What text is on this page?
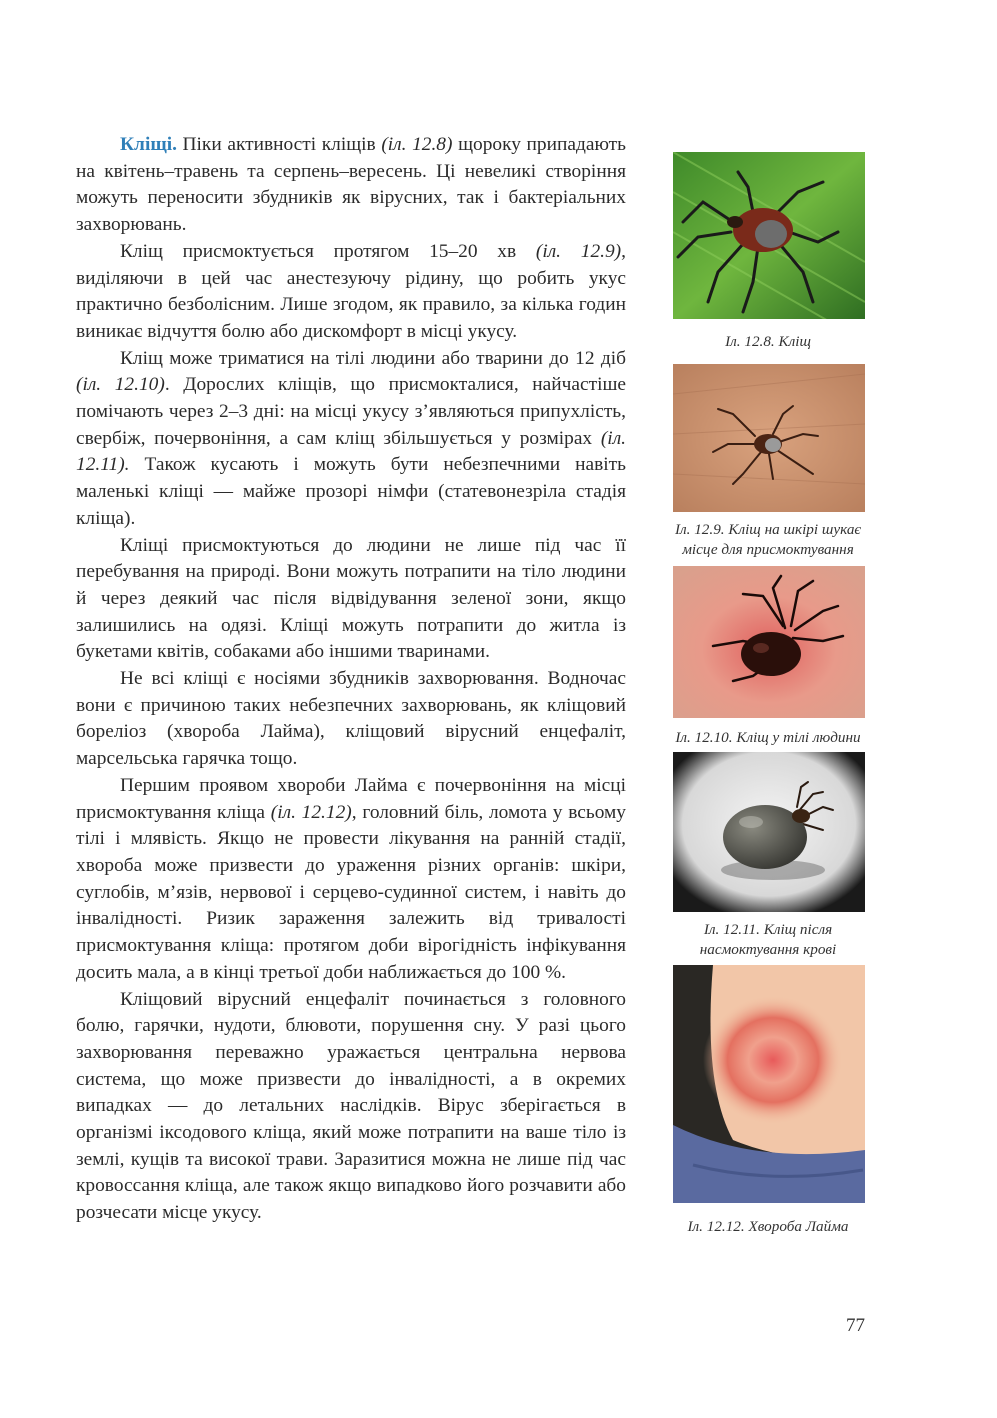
Кліщі. Піки активності кліщів (іл. 12.8) щороку припадають на квітень–травень та серпень–вересень. Ці невеликі створіння можуть переносити збудників як вірусних, так і бактеріальних захворювань.

Кліщ присмоктується протягом 15–20 хв (іл. 12.9), виділяючи в цей час анестезуючу рідину, що робить укус практично безболісним. Лише згодом, як правило, за кілька годин виникає відчуття болю або дискомфорт в місці укусу.

Кліщ може триматися на тілі людини або тварини до 12 діб (іл. 12.10). Дорослих кліщів, що присмокталися, найчастіше помічають через 2–3 дні: на місці укусу з’являються припухлість, свербіж, почервоніння, а сам кліщ збільшується у розмірах (іл. 12.11). Також кусають і можуть бути небезпечними навіть маленькі кліщі — майже прозорі німфи (статевонезріла стадія кліща).

Кліщі присмоктуються до людини не лише під час її перебування на природі. Вони можуть потрапити на тіло людини й через деякий час після відвідування зеленої зони, якщо залишились на одязі. Кліщі можуть потрапити до житла із букетами квітів, собаками або іншими тваринами.

Не всі кліщі є носіями збудників захворювання. Водночас вони є причиною таких небезпечних захворювань, як кліщовий бореліоз (хвороба Лайма), кліщовий вірусний енцефаліт, марсельська гарячка тощо.

Першим проявом хвороби Лайма є почервоніння на місці присмоктування кліща (іл. 12.12), головний біль, ломота у всьому тілі і млявість. Якщо не провести лікування на ранній стадії, хвороба може призвести до ураження різних органів: шкіри, суглобів, м’язів, нервової і серцево-судинної систем, і навіть до інвалідності. Ризик зараження залежить від тривалості присмоктування кліща: протягом доби вірогідність інфікування досить мала, а в кінці третьої доби наближається до 100 %.

Кліщовий вірусний енцефаліт починається з головного болю, гарячки, нудоти, блювоти, порушення сну. У разі цього захворювання переважно уражається центральна нервова система, що може призвести до інвалідності, а в окремих випадках — до летальних наслідків. Вірус зберігається в організмі іксодового кліща, який може потрапити на ваше тіло із землі, кущів та високої трави. Заразитися можна не лише під час кровоссання кліща, але також якщо випадково його розчавити або розчесати місце укусу.

Іл. 12.8. Кліщ
Іл. 12.9. Кліщ на шкірі шукає
місце для присмоктування
Іл. 12.10. Кліщ у тілі людини
Іл. 12.11. Кліщ після
насмоктування крові
Іл. 12.12. Хвороба Лайма
77
